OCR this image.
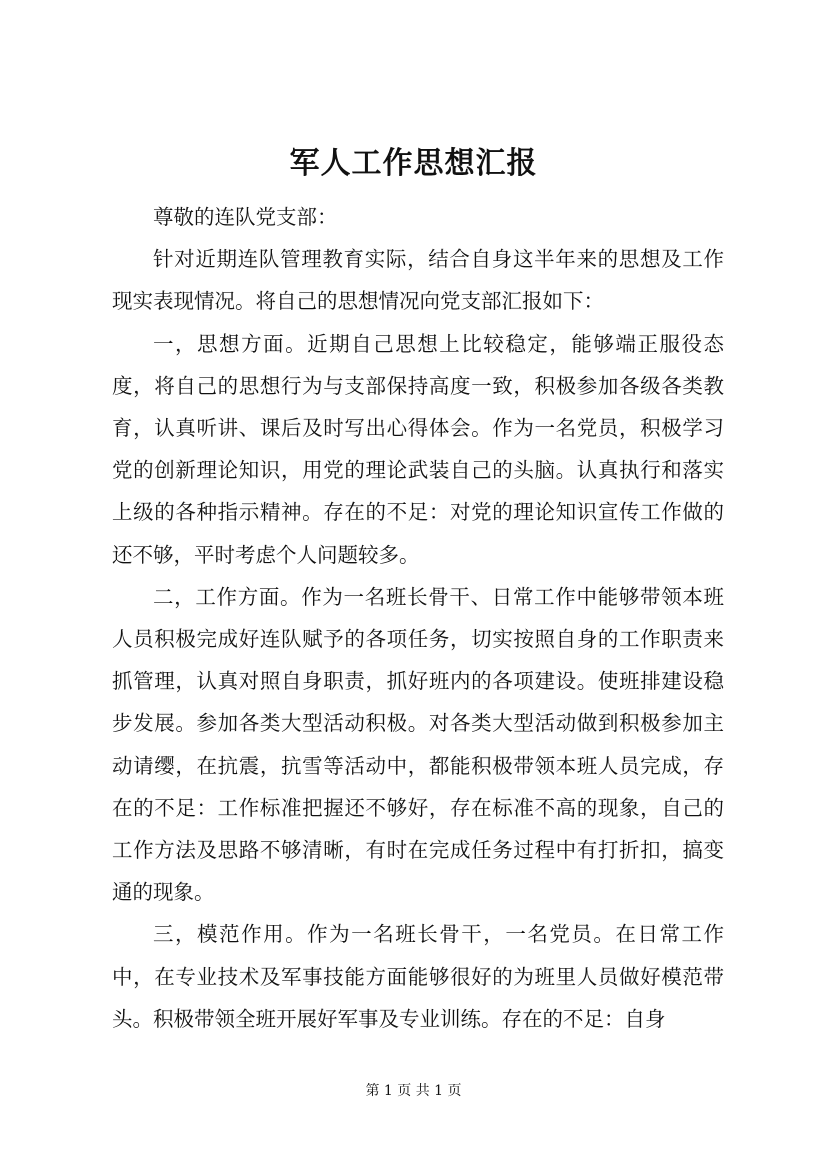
军人工作思想汇报

尊敬的连队党支部：

针对近期连队管理教育实际，结合自身这半年来的思想及工作现实表现情况。将自己的思想情况向党支部汇报如下：

一，思想方面。近期自己思想上比较稳定，能够端正服役态度，将自己的思想行为与支部保持高度一致，积极参加各级各类教育，认真听讲、课后及时写出心得体会。作为一名党员，积极学习党的创新理论知识，用党的理论武装自己的头脑。认真执行和落实上级的各种指示精神。存在的不足：对党的理论知识宣传工作做的还不够，平时考虑个人问题较多。

二，工作方面。作为一名班长骨干、日常工作中能够带领本班人员积极完成好连队赋予的各项任务，切实按照自身的工作职责来抓管理，认真对照自身职责，抓好班内的各项建设。使班排建设稳步发展。参加各类大型活动积极。对各类大型活动做到积极参加主动请缨，在抗震，抗雪等活动中，都能积极带领本班人员完成，存在的不足：工作标准把握还不够好，存在标准不高的现象，自己的工作方法及思路不够清晰，有时在完成任务过程中有打折扣，搞变通的现象。

三，模范作用。作为一名班长骨干，一名党员。在日常工作中，在专业技术及军事技能方面能够很好的为班里人员做好模范带头。积极带领全班开展好军事及专业训练。存在的不足：自身

第 1 页 共 1 页
